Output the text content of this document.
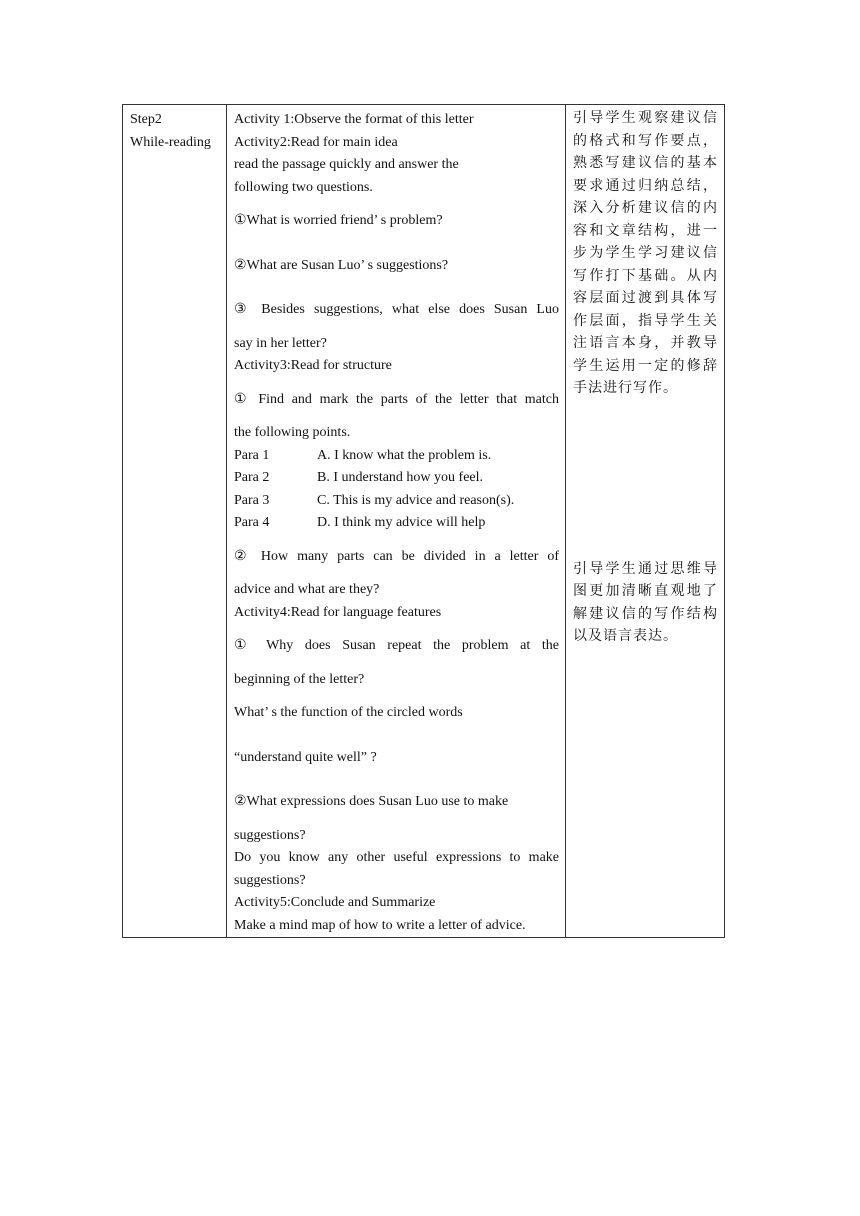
Step2
While-reading

Activity 1:Observe the format of this letter
Activity2:Read for main idea
read the passage quickly and answer the
following two questions.
①What is worried friend’ s problem?
②What are Susan Luo’ s suggestions?
③ Besides suggestions, what else does Susan Luo
say in her letter?
Activity3:Read for structure
① Find and mark the parts of the letter that match
the following points.
Para 1	A. I know what the problem is.
Para 2	B. I understand how you feel.
Para 3	C. This is my advice and reason(s).
Para 4	D. I think my advice will help
② How many parts can be divided in a letter of
advice and what are they?
Activity4:Read for language features
① Why does Susan repeat the problem at the
beginning of the letter?
What’ s the function of the circled words
“understand quite well” ?
②What expressions does Susan Luo use to make
suggestions?
Do you know any other useful expressions to make
suggestions?
Activity5:Conclude and Summarize
Make a mind map of how to write a letter of advice.

引导学生观察建议信的格式和写作要点，熟悉写建议信的基本要求通过归纳总结，深入分析建议信的内容和文章结构，进一步为学生学习建议信写作打下基础。从内容层面过渡到具体写作层面，指导学生关注语言本身，并教导学生运用一定的修辞手法进行写作。
引导学生通过思维导图更加清晰直观地了解建议信的写作结构以及语言表达。
